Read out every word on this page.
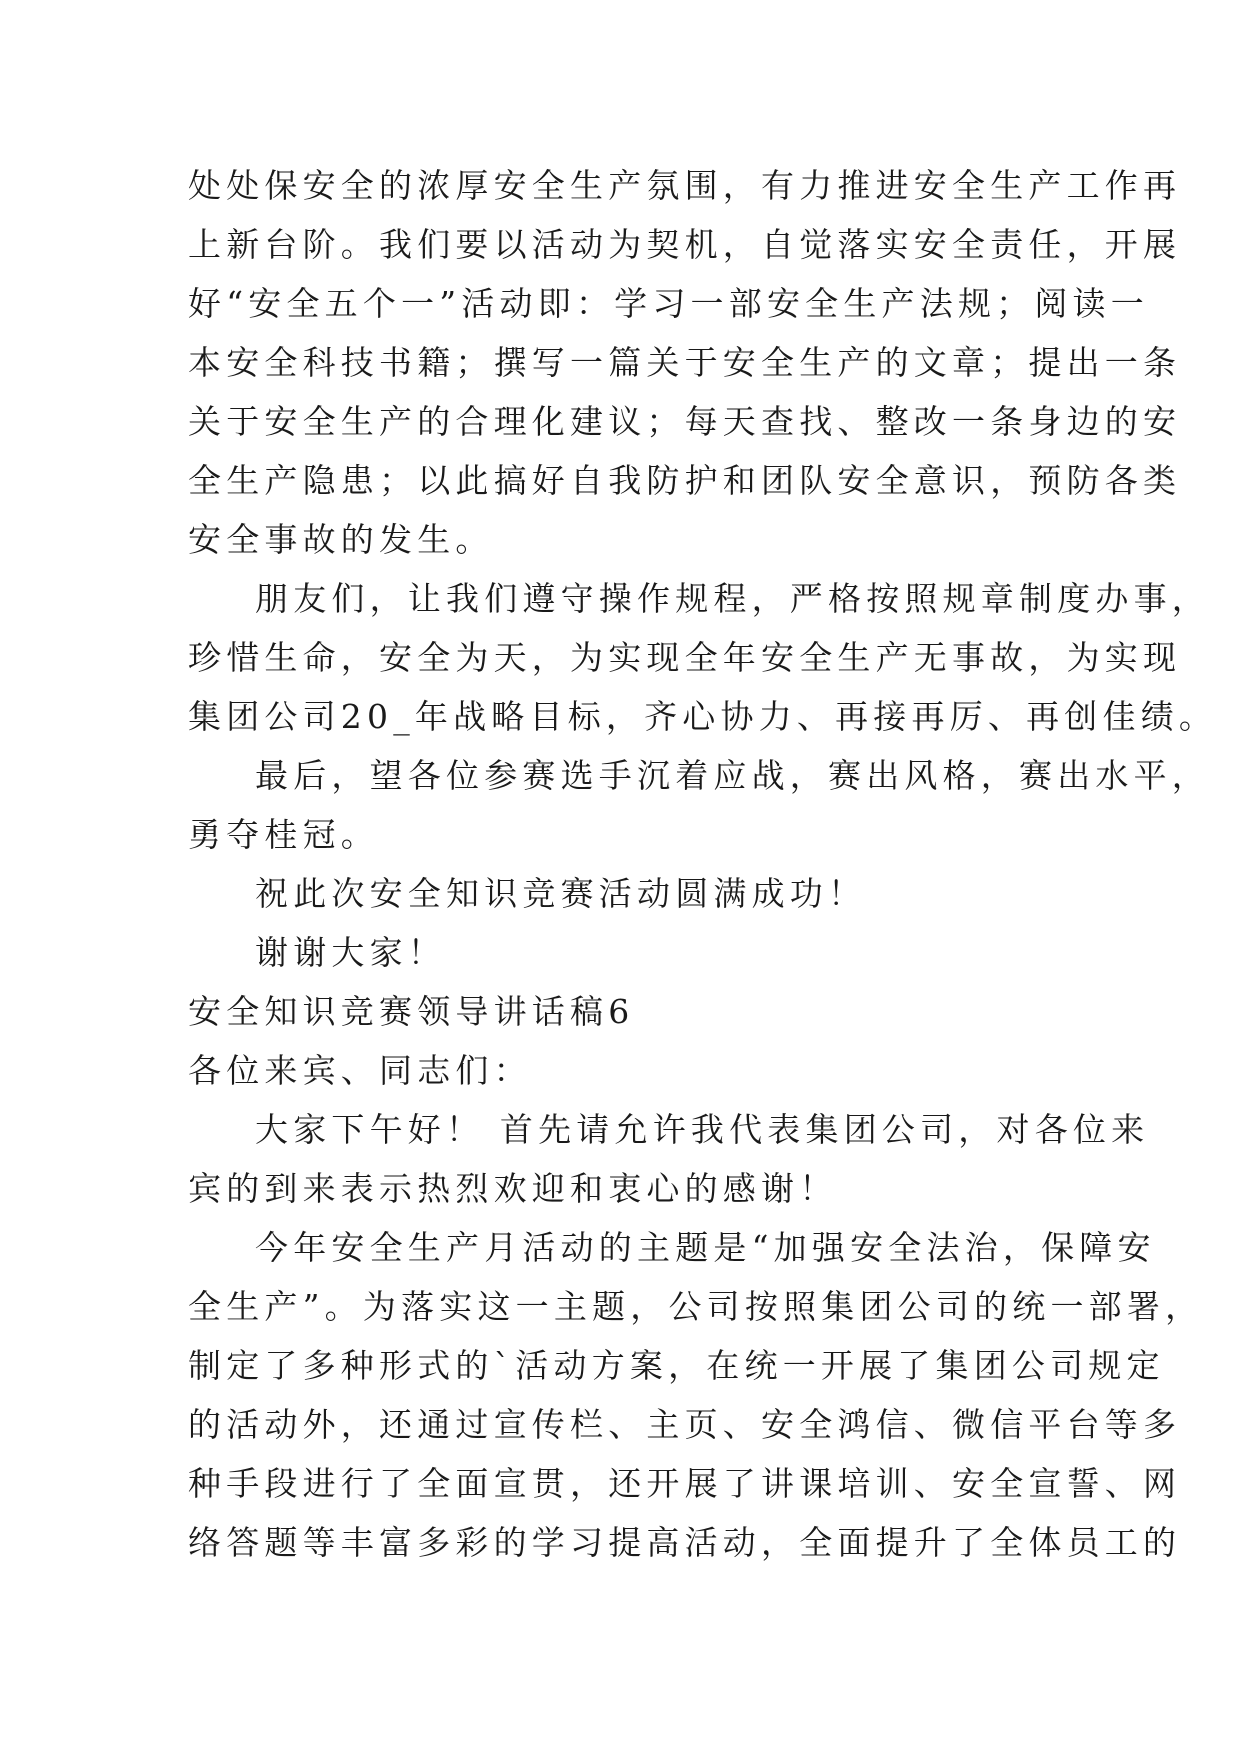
处处保安全的浓厚安全生产氛围，有力推进安全生产工作再
上新台阶。我们要以活动为契机，自觉落实安全责任，开展
好“安全五个一”活动即：学习一部安全生产法规；阅读一
本安全科技书籍；撰写一篇关于安全生产的文章；提出一条
关于安全生产的合理化建议；每天查找、整改一条身边的安
全生产隐患；以此搞好自我防护和团队安全意识，预防各类
安全事故的发生。
朋友们，让我们遵守操作规程，严格按照规章制度办事，
珍惜生命，安全为天，为实现全年安全生产无事故，为实现
集团公司20_年战略目标，齐心协力、再接再厉、再创佳绩。
最后，望各位参赛选手沉着应战，赛出风格，赛出水平，
勇夺桂冠。
祝此次安全知识竞赛活动圆满成功！
谢谢大家！
安全知识竞赛领导讲话稿6
各位来宾、同志们：
大家下午好！ 首先请允许我代表集团公司，对各位来
宾的到来表示热烈欢迎和衷心的感谢！
今年安全生产月活动的主题是“加强安全法治，保障安
全生产”。为落实这一主题，公司按照集团公司的统一部署，
制定了多种形式的`活动方案，在统一开展了集团公司规定
的活动外，还通过宣传栏、主页、安全鸿信、微信平台等多
种手段进行了全面宣贯，还开展了讲课培训、安全宣誓、网
络答题等丰富多彩的学习提高活动，全面提升了全体员工的
